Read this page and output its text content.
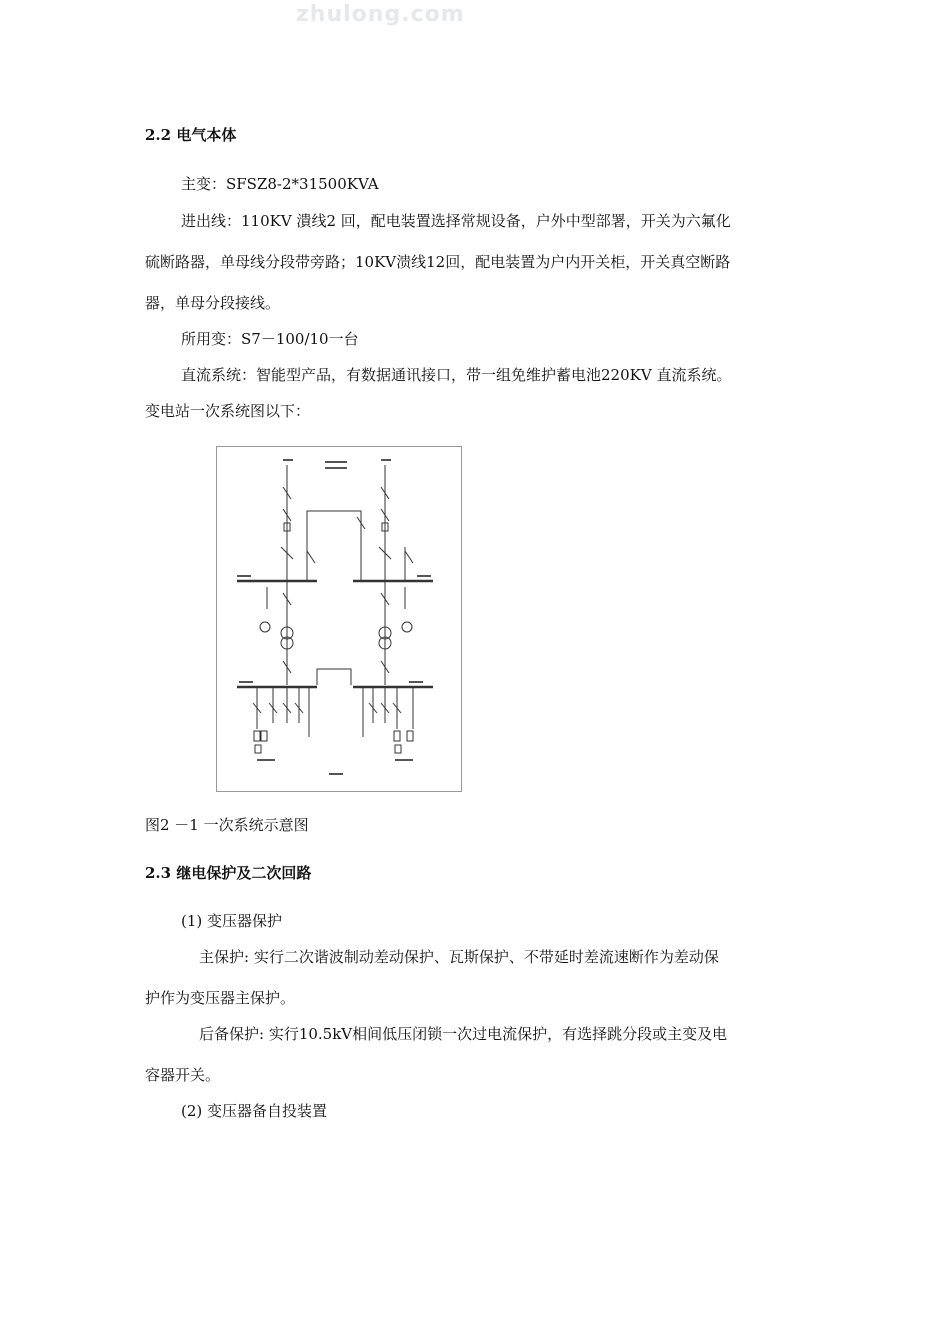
zhulong.com
2.2 电气本体
主变：SFSZ8-2*31500KVA
进出线：110KV 潰线2 回，配电装置选择常规设备，户外中型部署，开关为六氟化
硫断路器，单母线分段带旁路；10KV溃线12回，配电装置为户内开关柜，开关真空断路
器，单母分段接线。
所用变：S7－100/10一台
直流系统：智能型产品，有数据通讯接口，带一组免维护蓄电池220KV 直流系统。
变电站一次系统图以下：
图2 －1 一次系统示意图
2.3 继电保护及二次回路
(1) 变压器保护
主保护: 实行二次谐波制动差动保护、瓦斯保护、不带延时差流速断作为差动保
护作为变压器主保护。
后备保护: 实行10.5kV相间低压闭锁一次过电流保护，有选择跳分段或主变及电
容器开关。
(2) 变压器备自投装置
